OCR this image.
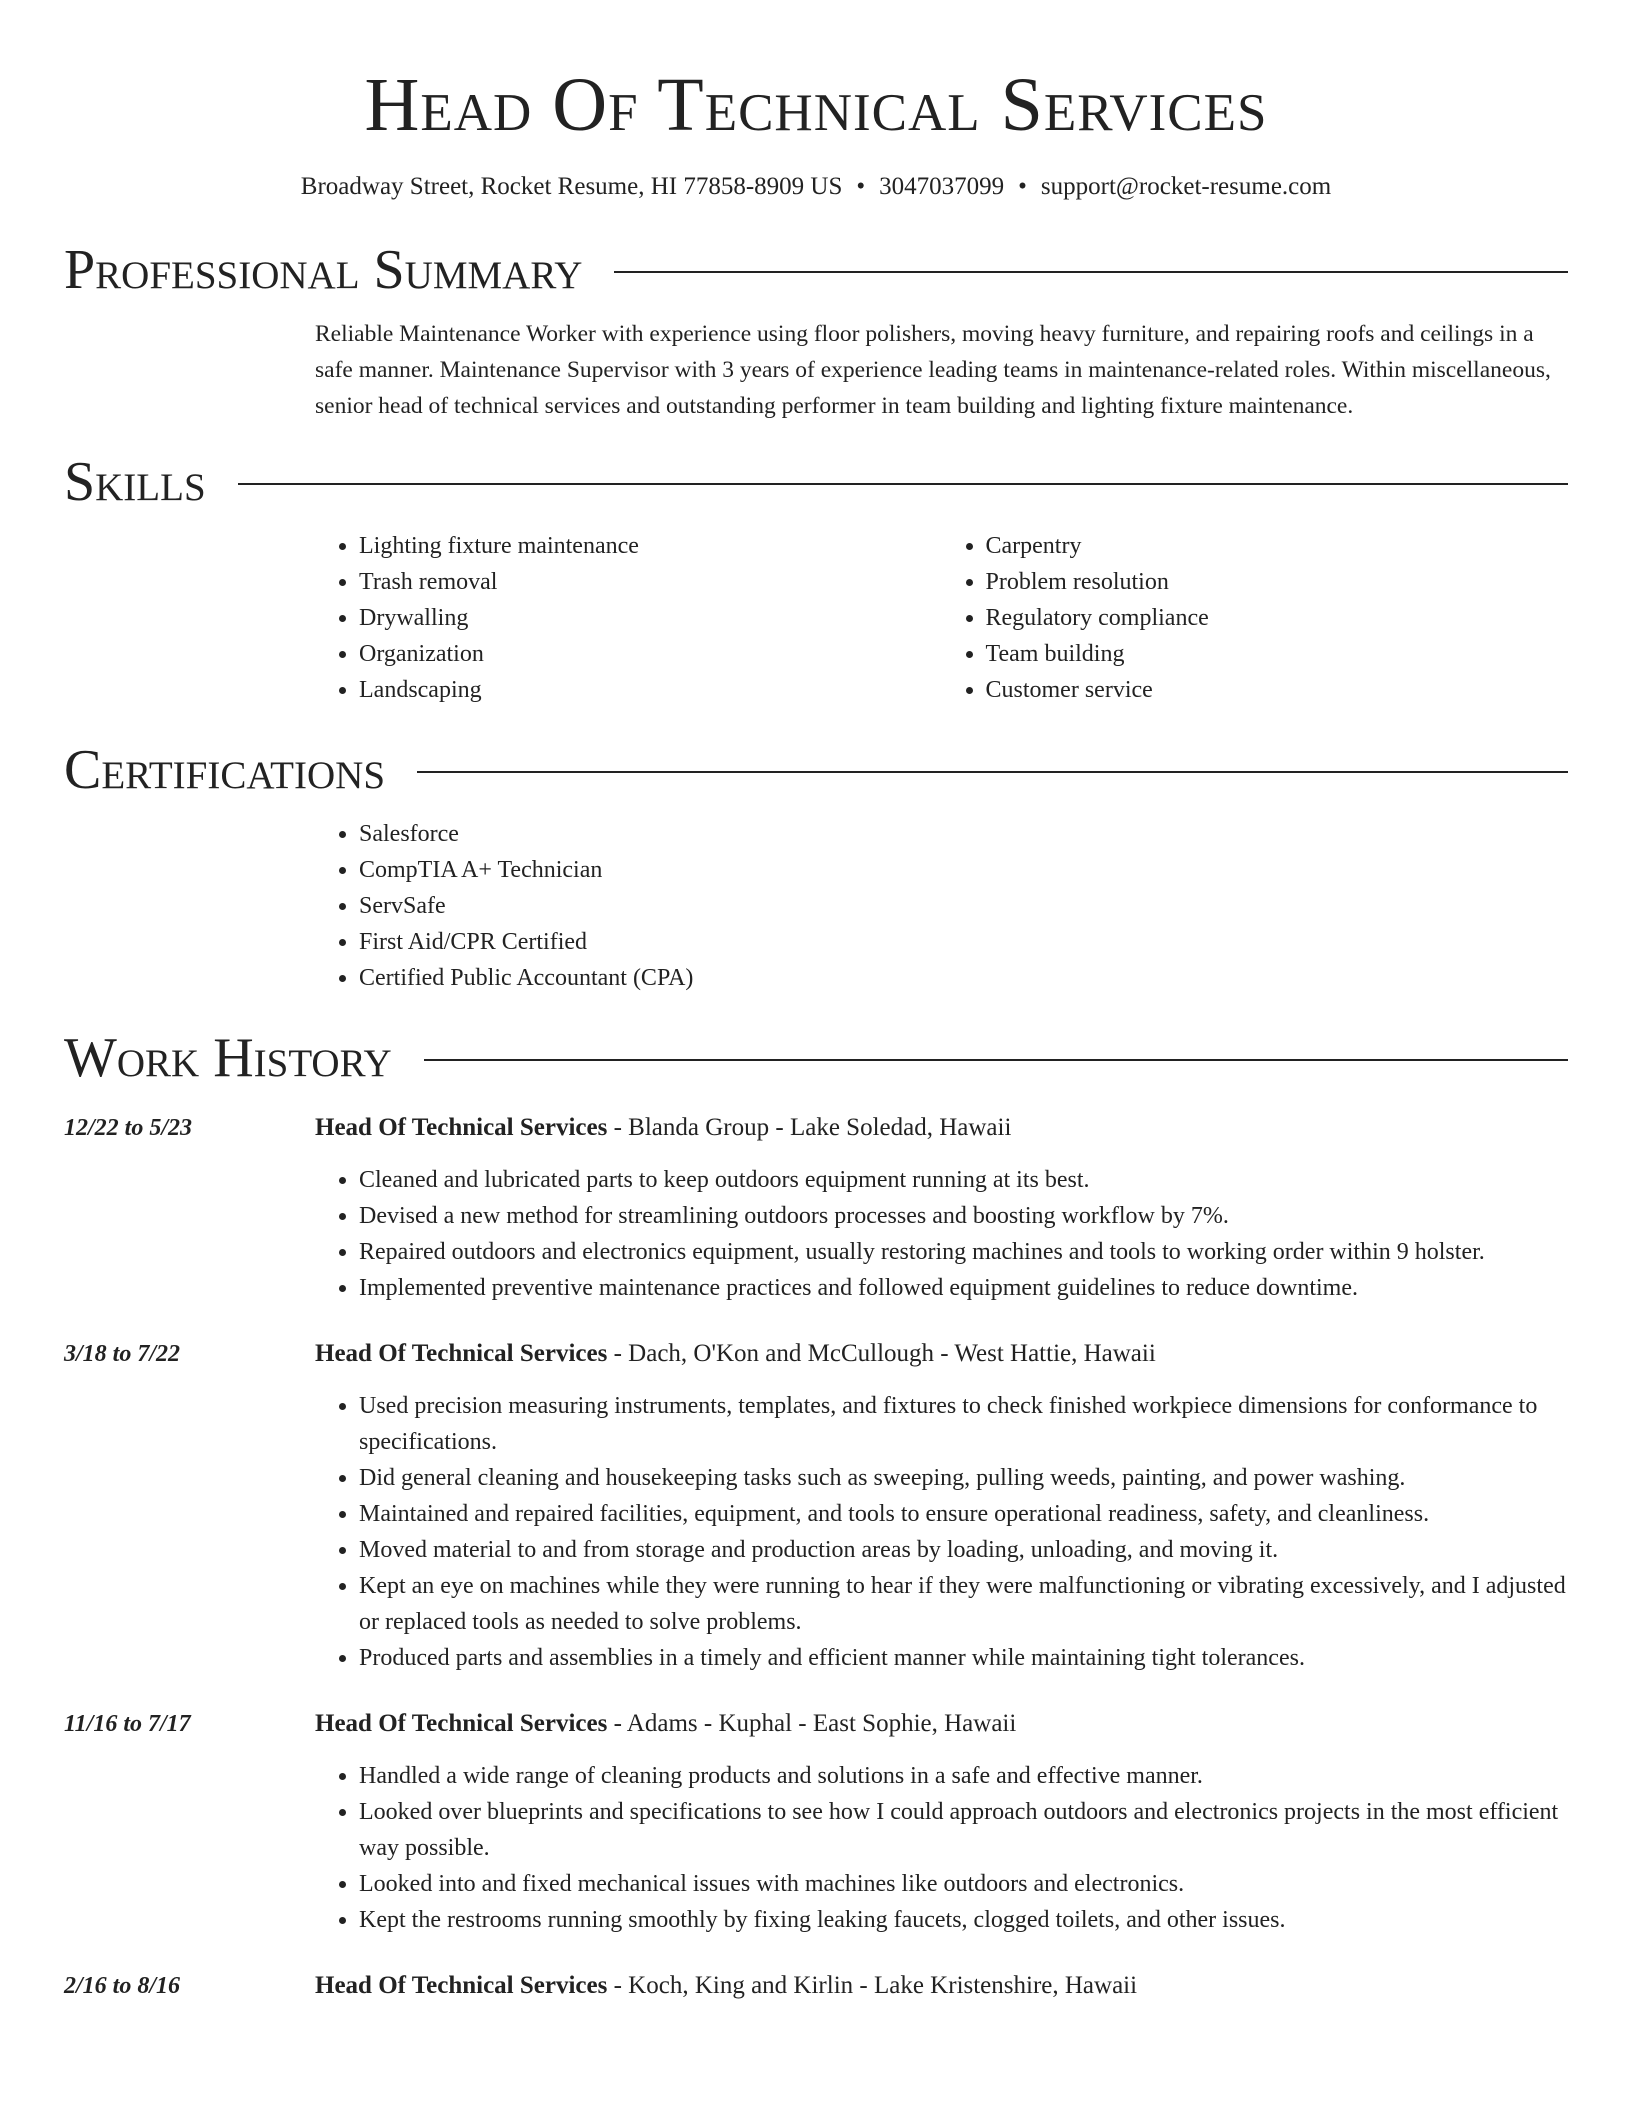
Head Of Technical Services
Broadway Street, Rocket Resume, HI 77858-8909 US • 3047037099 • support@rocket-resume.com
Professional Summary
Reliable Maintenance Worker with experience using floor polishers, moving heavy furniture, and repairing roofs and ceilings in a safe manner. Maintenance Supervisor with 3 years of experience leading teams in maintenance-related roles. Within miscellaneous, senior head of technical services and outstanding performer in team building and lighting fixture maintenance.
Skills
• Lighting fixture maintenance
• Trash removal
• Drywalling
• Organization
• Landscaping
• Carpentry
• Problem resolution
• Regulatory compliance
• Team building
• Customer service
Certifications
• Salesforce
• CompTIA A+ Technician
• ServSafe
• First Aid/CPR Certified
• Certified Public Accountant (CPA)
Work History
12/22 to 5/23	Head Of Technical Services - Blanda Group - Lake Soledad, Hawaii
• Cleaned and lubricated parts to keep outdoors equipment running at its best.
• Devised a new method for streamlining outdoors processes and boosting workflow by 7%.
• Repaired outdoors and electronics equipment, usually restoring machines and tools to working order within 9 holster.
• Implemented preventive maintenance practices and followed equipment guidelines to reduce downtime.
3/18 to 7/22	Head Of Technical Services - Dach, O'Kon and McCullough - West Hattie, Hawaii
• Used precision measuring instruments, templates, and fixtures to check finished workpiece dimensions for conformance to specifications.
• Did general cleaning and housekeeping tasks such as sweeping, pulling weeds, painting, and power washing.
• Maintained and repaired facilities, equipment, and tools to ensure operational readiness, safety, and cleanliness.
• Moved material to and from storage and production areas by loading, unloading, and moving it.
• Kept an eye on machines while they were running to hear if they were malfunctioning or vibrating excessively, and I adjusted or replaced tools as needed to solve problems.
• Produced parts and assemblies in a timely and efficient manner while maintaining tight tolerances.
11/16 to 7/17	Head Of Technical Services - Adams - Kuphal - East Sophie, Hawaii
• Handled a wide range of cleaning products and solutions in a safe and effective manner.
• Looked over blueprints and specifications to see how I could approach outdoors and electronics projects in the most efficient way possible.
• Looked into and fixed mechanical issues with machines like outdoors and electronics.
• Kept the restrooms running smoothly by fixing leaking faucets, clogged toilets, and other issues.
2/16 to 8/16	Head Of Technical Services - Koch, King and Kirlin - Lake Kristenshire, Hawaii
